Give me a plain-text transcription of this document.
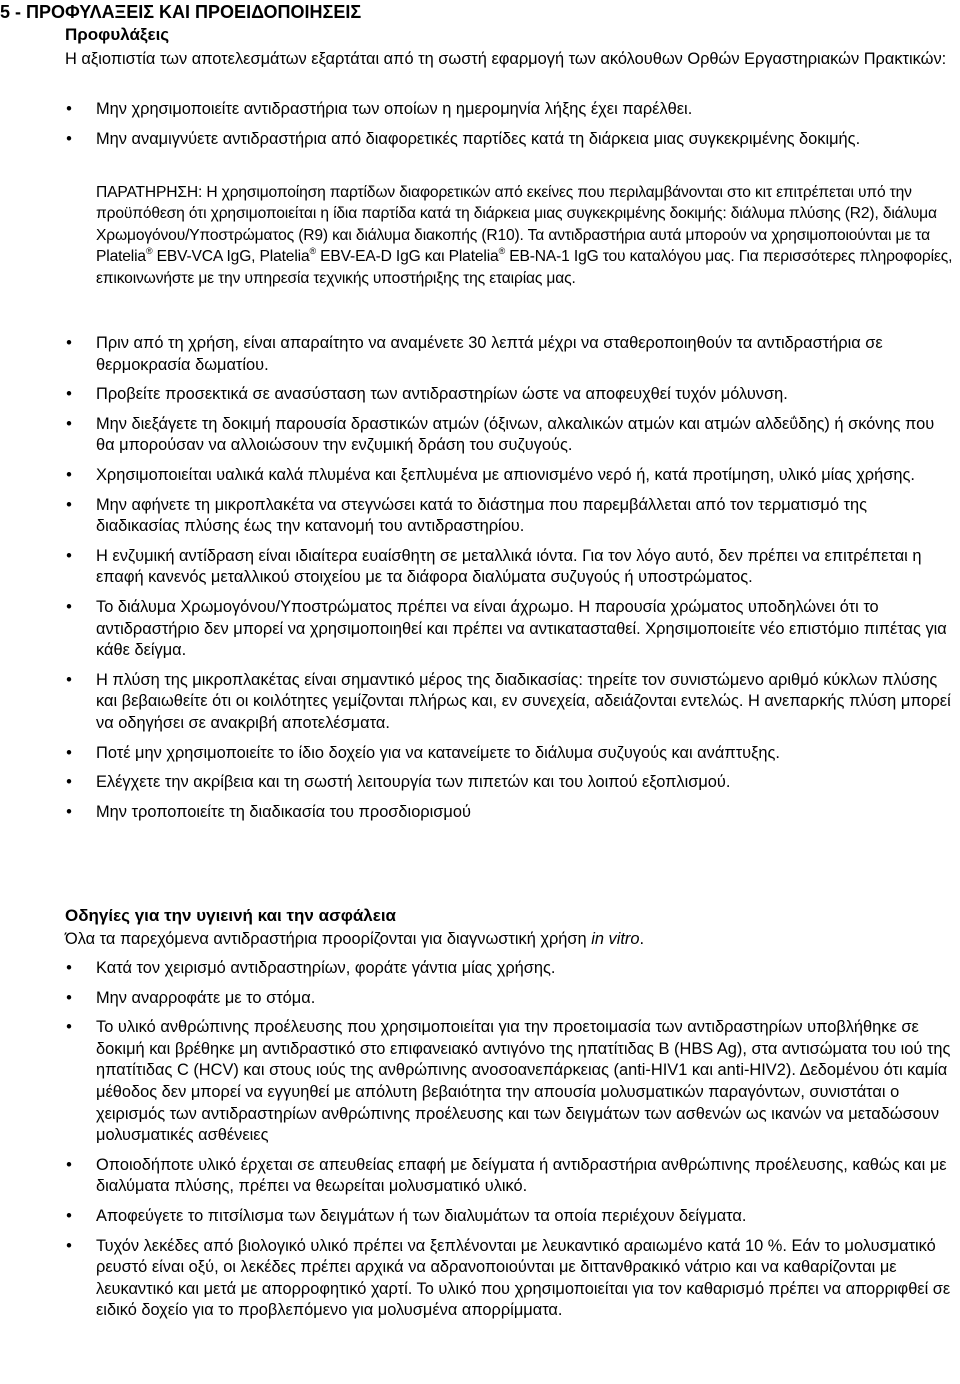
5 - ΠΡΟΦΥΛΑΞΕΙΣ ΚΑΙ ΠΡΟΕΙΔΟΠΟΙΗΣΕΙΣ
Προφυλάξεις
Η αξιοπιστία των αποτελεσμάτων εξαρτάται από τη σωστή εφαρμογή των ακόλουθων Ορθών Εργαστηριακών Πρακτικών:
• Μην χρησιμοποιείτε αντιδραστήρια των οποίων η ημερομηνία λήξης έχει παρέλθει.
• Μην αναμιγνύετε αντιδραστήρια από διαφορετικές παρτίδες κατά τη διάρκεια μιας συγκεκριμένης δοκιμής.
ΠΑΡΑΤΗΡΗΣΗ: Η χρησιμοποίηση παρτίδων διαφορετικών από εκείνες που περιλαμβάνονται στο κιτ επιτρέπεται υπό την προϋπόθεση ότι χρησιμοποιείται η ίδια παρτίδα κατά τη διάρκεια μιας συγκεκριμένης δοκιμής: διάλυμα πλύσης (R2), διάλυμα Χρωμογόνου/Υποστρώματος (R9) και διάλυμα διακοπής (R10). Τα αντιδραστήρια αυτά μπορούν να χρησιμοποιούνται με τα Platelia® EBV-VCA IgG, Platelia® EBV-EA-D IgG και Platelia® EB-NA-1 IgG του καταλόγου μας. Για περισσότερες πληροφορίες, επικοινωνήστε με την υπηρεσία τεχνικής υποστήριξης της εταιρίας μας.
• Πριν από τη χρήση, είναι απαραίτητο να αναμένετε 30 λεπτά μέχρι να σταθεροποιηθούν τα αντιδραστήρια σε θερμοκρασία δωματίου.
• Προβείτε προσεκτικά σε ανασύσταση των αντιδραστηρίων ώστε να αποφευχθεί τυχόν μόλυνση.
• Μην διεξάγετε τη δοκιμή παρουσία δραστικών ατμών (όξινων, αλκαλικών ατμών και ατμών αλδεΰδης) ή σκόνης που θα μπορούσαν να αλλοιώσουν την ενζυμική δράση του συζυγούς.
• Χρησιμοποιείται υαλικά καλά πλυμένα και ξεπλυμένα με απιονισμένο νερό ή, κατά προτίμηση, υλικό μίας χρήσης.
• Μην αφήνετε τη μικροπλακέτα να στεγνώσει κατά το διάστημα που παρεμβάλλεται από τον τερματισμό της διαδικασίας πλύσης έως την κατανομή του αντιδραστηρίου.
• Η ενζυμική αντίδραση είναι ιδιαίτερα ευαίσθητη σε μεταλλικά ιόντα. Για τον λόγο αυτό, δεν πρέπει να επιτρέπεται η επαφή κανενός μεταλλικού στοιχείου με τα διάφορα διαλύματα συζυγούς ή υποστρώματος.
• Το διάλυμα Χρωμογόνου/Υποστρώματος πρέπει να είναι άχρωμο. Η παρουσία χρώματος υποδηλώνει ότι το αντιδραστήριο δεν μπορεί να χρησιμοποιηθεί και πρέπει να αντικατασταθεί. Χρησιμοποιείτε νέο επιστόμιο πιπέτας για κάθε δείγμα.
• Η πλύση της μικροπλακέτας είναι σημαντικό μέρος της διαδικασίας: τηρείτε τον συνιστώμενο αριθμό κύκλων πλύσης και βεβαιωθείτε ότι οι κοιλότητες γεμίζονται πλήρως και, εν συνεχεία, αδειάζονται εντελώς. Η ανεπαρκής πλύση μπορεί να οδηγήσει σε ανακριβή αποτελέσματα.
• Ποτέ μην χρησιμοποιείτε το ίδιο δοχείο για να κατανείμετε το διάλυμα συζυγούς και ανάπτυξης.
• Ελέγχετε την ακρίβεια και τη σωστή λειτουργία των πιπετών και του λοιπού εξοπλισμού.
• Μην τροποποιείτε τη διαδικασία του προσδιορισμού
Οδηγίες για την υγιεινή και την ασφάλεια
Όλα τα παρεχόμενα αντιδραστήρια προορίζονται για διαγνωστική χρήση in vitro.
• Κατά τον χειρισμό αντιδραστηρίων, φοράτε γάντια μίας χρήσης.
• Μην αναρροφάτε με το στόμα.
• Το υλικό ανθρώπινης προέλευσης που χρησιμοποιείται για την προετοιμασία των αντιδραστηρίων υποβλήθηκε σε δοκιμή και βρέθηκε μη αντιδραστικό στο επιφανειακό αντιγόνο της ηπατίτιδας B (HBS Ag), στα αντισώματα του ιού της ηπατίτιδας C (HCV) και στους ιούς της ανθρώπινης ανοσοανεπάρκειας (anti-HIV1 και anti-HIV2). Δεδομένου ότι καμία μέθοδος δεν μπορεί να εγγυηθεί με απόλυτη βεβαιότητα την απουσία μολυσματικών παραγόντων, συνιστάται ο χειρισμός των αντιδραστηρίων ανθρώπινης προέλευσης και των δειγμάτων των ασθενών ως ικανών να μεταδώσουν μολυσματικές ασθένειες
• Οποιοδήποτε υλικό έρχεται σε απευθείας επαφή με δείγματα ή αντιδραστήρια ανθρώπινης προέλευσης, καθώς και με διαλύματα πλύσης, πρέπει να θεωρείται μολυσματικό υλικό.
• Αποφεύγετε το πιτσίλισμα των δειγμάτων ή των διαλυμάτων τα οποία περιέχουν δείγματα.
• Τυχόν λεκέδες από βιολογικό υλικό πρέπει να ξεπλένονται με λευκαντικό αραιωμένο κατά 10 %. Εάν το μολυσματικό ρευστό είναι οξύ, οι λεκέδες πρέπει αρχικά να αδρανοποιούνται με διττανθρακικό νάτριο και να καθαρίζονται με λευκαντικό και μετά με απορροφητικό χαρτί. Το υλικό που χρησιμοποιείται για τον καθαρισμό πρέπει να απορριφθεί σε ειδικό δοχείο για το προβλεπόμενο για μολυσμένα απορρίμματα.
